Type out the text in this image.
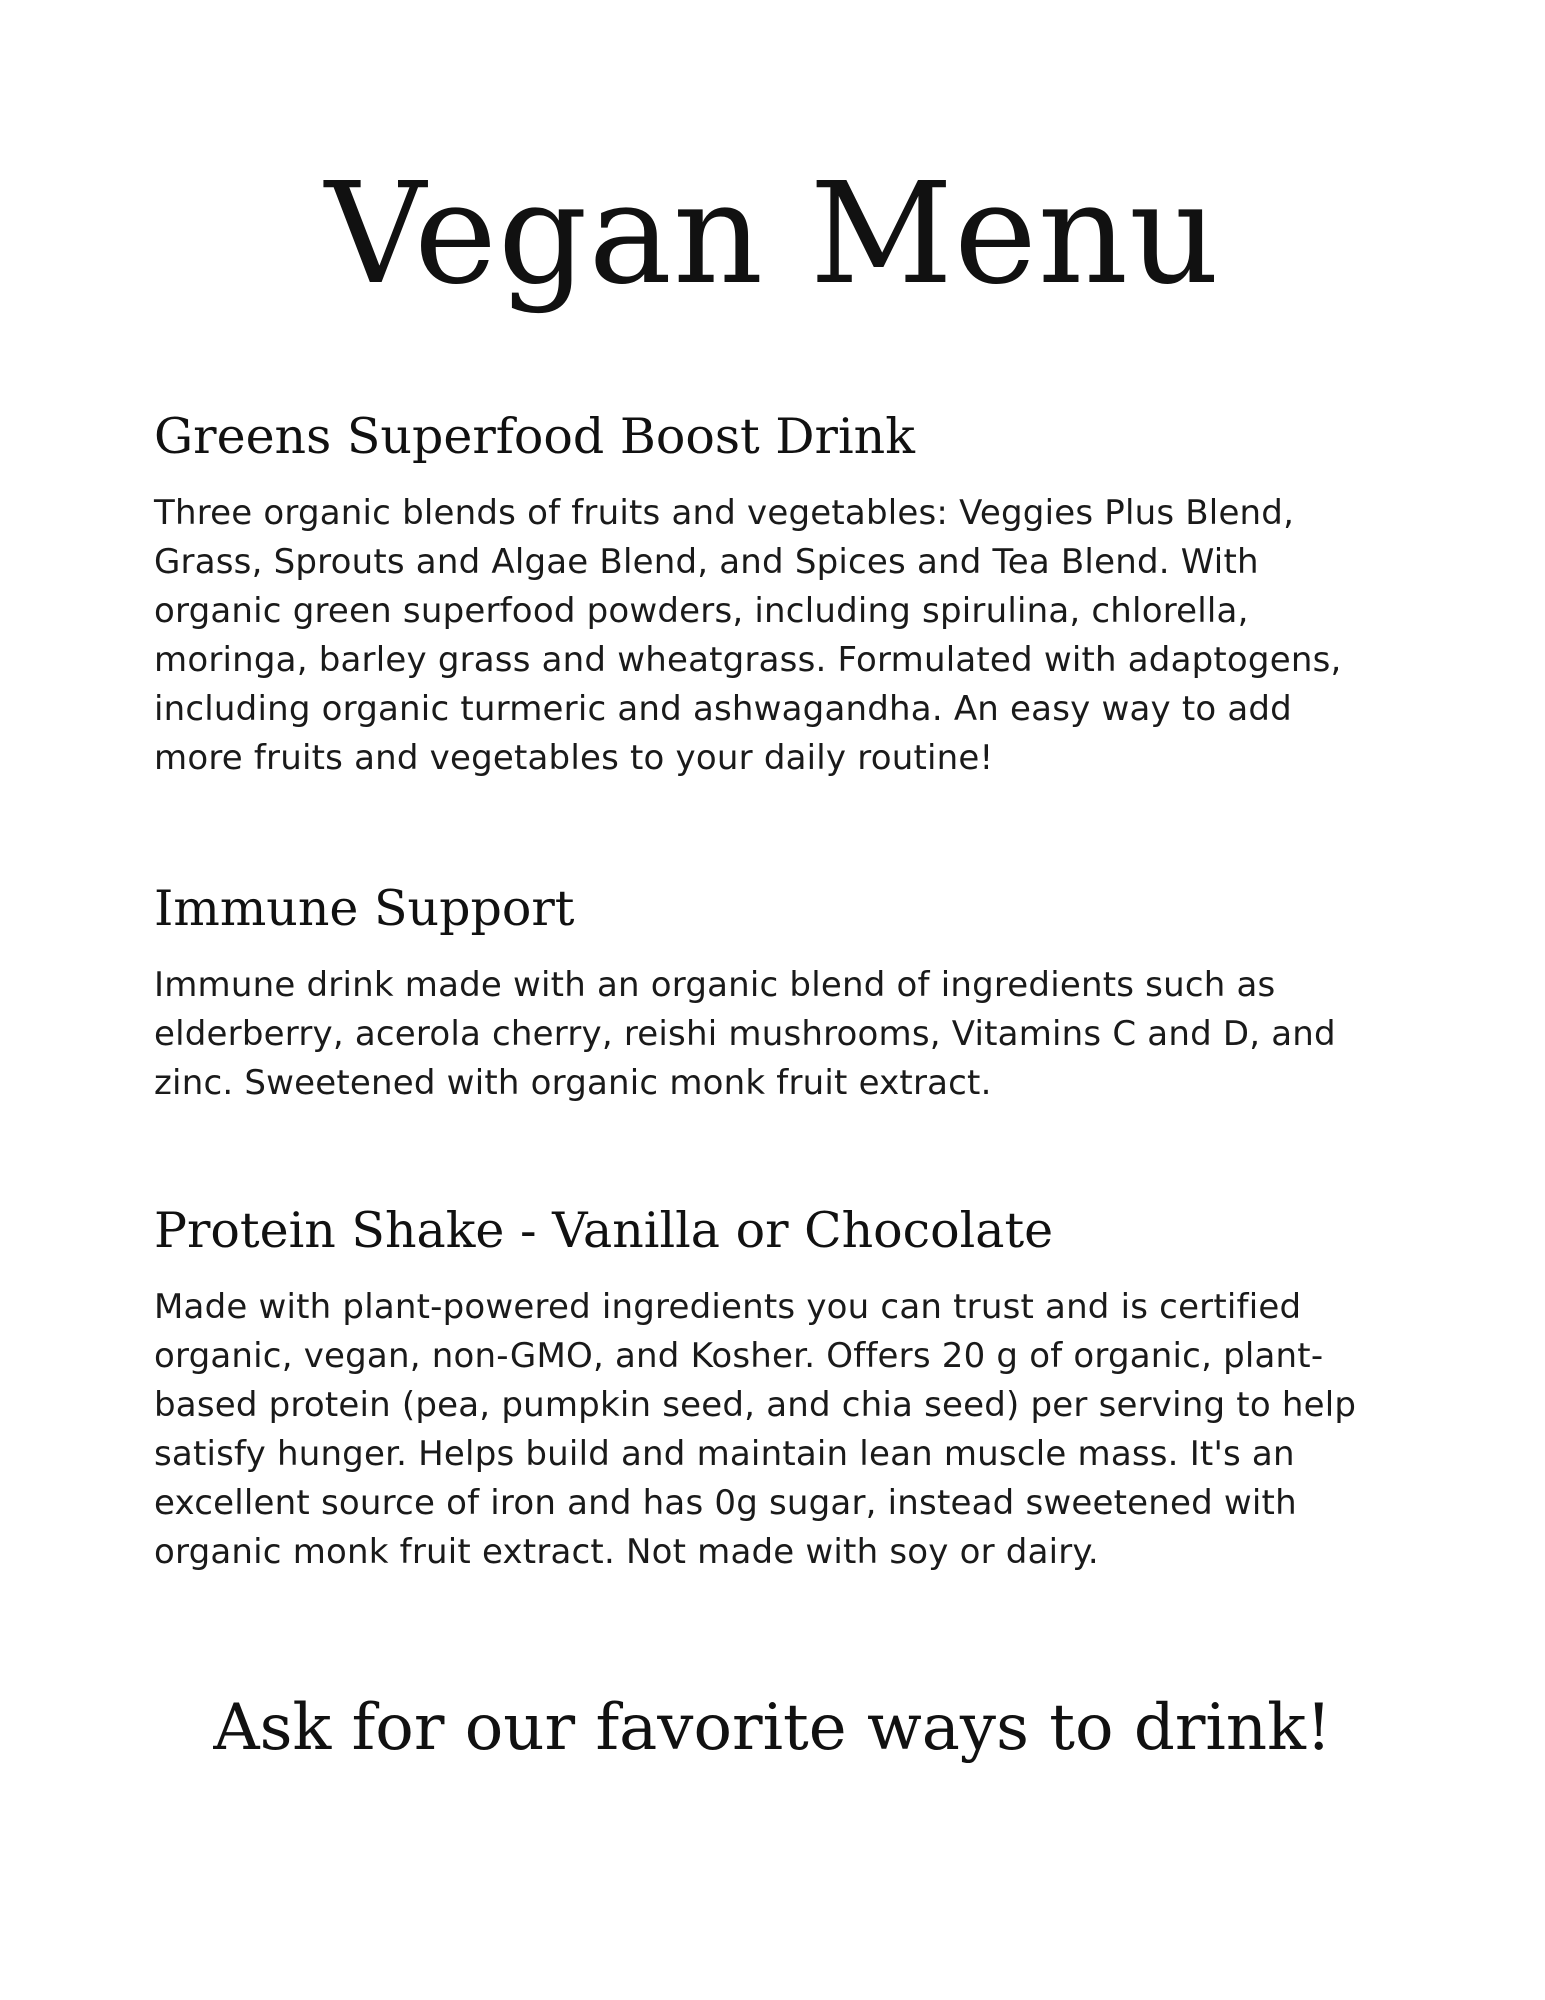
Vegan Menu
Greens Superfood Boost Drink

Three organic blends of fruits and vegetables: Veggies Plus Blend, Grass, Sprouts and Algae Blend, and Spices and Tea Blend. With organic green superfood powders, including spirulina, chlorella, moringa, barley grass and wheatgrass. Formulated with adaptogens, including organic turmeric and ashwagandha. An easy way to add more fruits and vegetables to your daily routine!

Immune Support

Immune drink made with an organic blend of ingredients such as elderberry, acerola cherry, reishi mushrooms, Vitamins C and D, and zinc. Sweetened with organic monk fruit extract.

Protein Shake - Vanilla or Chocolate

Made with plant-powered ingredients you can trust and is certified organic, vegan, non-GMO, and Kosher. Offers 20 g of organic, plant-based protein (pea, pumpkin seed, and chia seed) per serving to help satisfy hunger. Helps build and maintain lean muscle mass. It's an excellent source of iron and has 0g sugar, instead sweetened with organic monk fruit extract. Not made with soy or dairy.

Ask for our favorite ways to drink!
